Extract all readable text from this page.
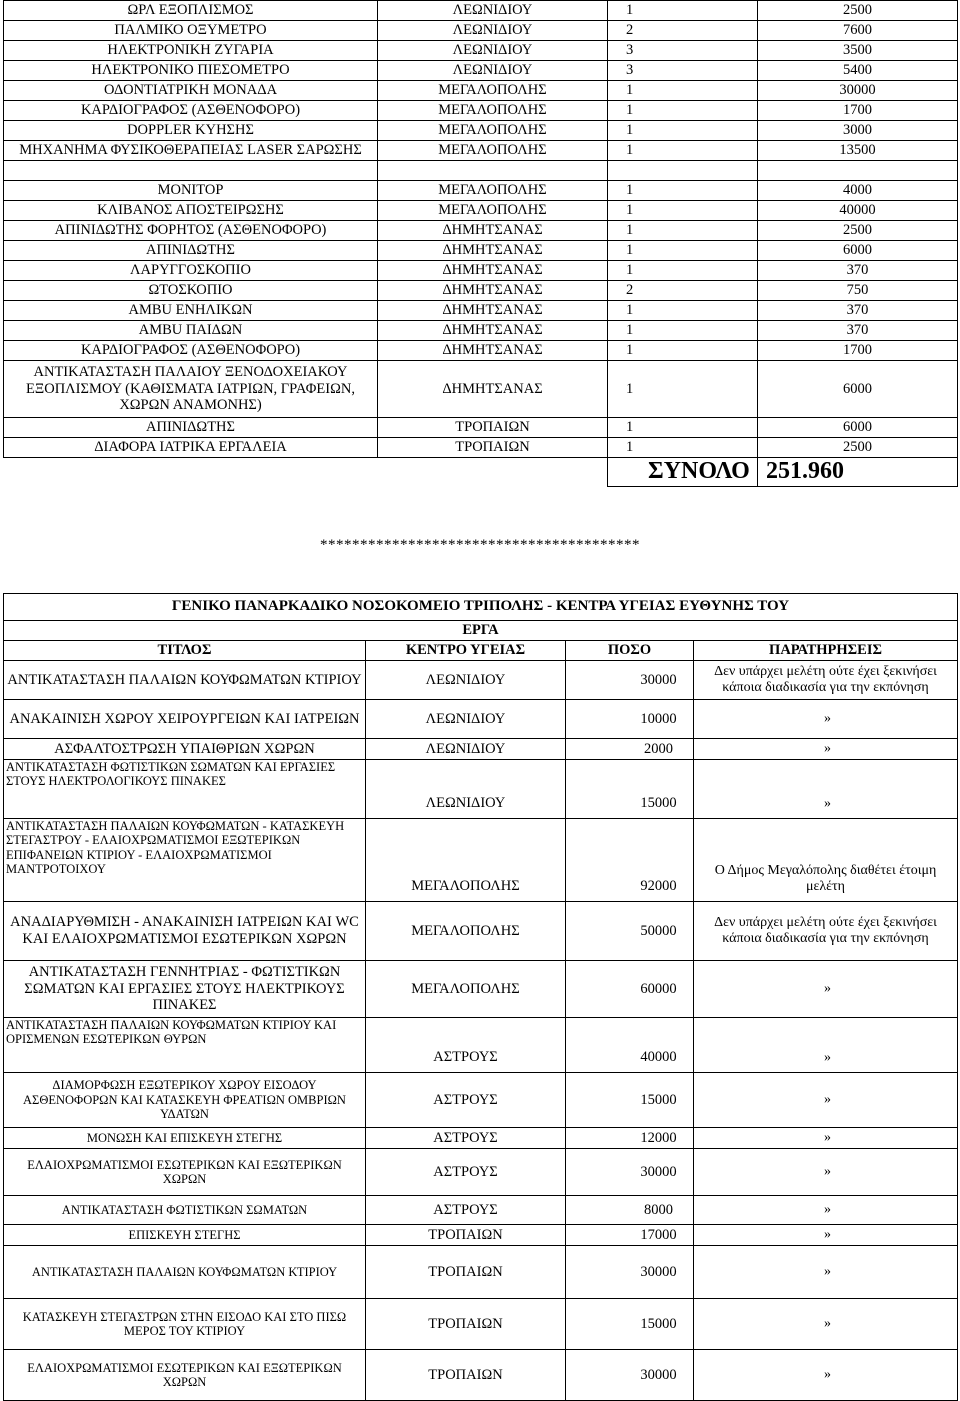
ΩΡΛ ΕΞΟΠΛΙΣΜΟΣ	ΛΕΩΝΙΔΙΟΥ	1	2500
ΠΑΛΜΙΚΟ ΟΞΥΜΕΤΡΟ	ΛΕΩΝΙΔΙΟΥ	2	7600
ΗΛΕΚΤΡΟΝΙΚΗ ΖΥΓΑΡΙΑ	ΛΕΩΝΙΔΙΟΥ	3	3500
ΗΛΕΚΤΡΟΝΙΚΟ ΠΙΕΣΟΜΕΤΡΟ	ΛΕΩΝΙΔΙΟΥ	3	5400
ΟΔΟΝΤΙΑΤΡΙΚΗ ΜΟΝΑΔΑ	ΜΕΓΑΛΟΠΟΛΗΣ	1	30000
ΚΑΡΔΙΟΓΡΑΦΟΣ (ΑΣΘΕΝΟΦΟΡΟ)	ΜΕΓΑΛΟΠΟΛΗΣ	1	1700
DOPPLER ΚΥΗΣΗΣ	ΜΕΓΑΛΟΠΟΛΗΣ	1	3000
ΜΗΧΑΝΗΜΑ ΦΥΣΙΚΟΘΕΡΑΠΕΙΑΣ LASER ΣΑΡΩΣΗΣ	ΜΕΓΑΛΟΠΟΛΗΣ	1	13500

ΜΟΝΙΤΟΡ	ΜΕΓΑΛΟΠΟΛΗΣ	1	4000
ΚΛΙΒΑΝΟΣ ΑΠΟΣΤΕΙΡΩΣΗΣ	ΜΕΓΑΛΟΠΟΛΗΣ	1	40000
ΑΠΙΝΙΔΩΤΗΣ ΦΟΡΗΤΟΣ (ΑΣΘΕΝΟΦΟΡΟ)	ΔΗΜΗΤΣΑΝΑΣ	1	2500
ΑΠΙΝΙΔΩΤΗΣ	ΔΗΜΗΤΣΑΝΑΣ	1	6000
ΛΑΡΥΓΓΟΣΚΟΠΙΟ	ΔΗΜΗΤΣΑΝΑΣ	1	370
ΩΤΟΣΚΟΠΙΟ	ΔΗΜΗΤΣΑΝΑΣ	2	750
AMBU ΕΝΗΛΙΚΩΝ	ΔΗΜΗΤΣΑΝΑΣ	1	370
AMBU ΠΑΙΔΩΝ	ΔΗΜΗΤΣΑΝΑΣ	1	370
ΚΑΡΔΙΟΓΡΑΦΟΣ (ΑΣΘΕΝΟΦΟΡΟ)	ΔΗΜΗΤΣΑΝΑΣ	1	1700
ΑΝΤΙΚΑΤΑΣΤΑΣΗ ΠΑΛΑΙΟΥ ΞΕΝΟΔΟΧΕΙΑΚΟΥ ΕΞΟΠΛΙΣΜΟΥ (ΚΑΘΙΣΜΑΤΑ ΙΑΤΡΙΩΝ, ΓΡΑΦΕΙΩΝ, ΧΩΡΩΝ ΑΝΑΜΟΝΗΣ)	ΔΗΜΗΤΣΑΝΑΣ	1	6000
ΑΠΙΝΙΔΩΤΗΣ	ΤΡΟΠΑΙΩΝ	1	6000
ΔΙΑΦΟΡΑ ΙΑΤΡΙΚΑ ΕΡΓΑΛΕΙΑ	ΤΡΟΠΑΙΩΝ	1	2500
		ΣΥΝΟΛΟ	251.960
****************************************
ΓΕΝΙΚΟ ΠΑΝΑΡΚΑΔΙΚΟ ΝΟΣΟΚΟΜΕΙΟ ΤΡΙΠΟΛΗΣ - ΚΕΝΤΡΑ ΥΓΕΙΑΣ ΕΥΘΥΝΗΣ ΤΟΥ			
ΕΡΓΑ			
ΤΙΤΛΟΣ	ΚΕΝΤΡΟ ΥΓΕΙΑΣ	ΠΟΣΟ	ΠΑΡΑΤΗΡΗΣΕΙΣ
ΑΝΤΙΚΑΤΑΣΤΑΣΗ ΠΑΛΑΙΩΝ ΚΟΥΦΩΜΑΤΩΝ ΚΤΙΡΙΟΥ	ΛΕΩΝΙΔΙΟΥ	30000	Δεν υπάρχει μελέτη ούτε έχει ξεκινήσει κάποια διαδικασία για την εκπόνηση
ΑΝΑΚΑΙΝΙΣΗ ΧΩΡΟΥ ΧΕΙΡΟΥΡΓΕΙΩΝ ΚΑΙ ΙΑΤΡΕΙΩΝ	ΛΕΩΝΙΔΙΟΥ	10000	»
ΑΣΦΑΛΤΟΣΤΡΩΣΗ ΥΠΑΙΘΡΙΩΝ ΧΩΡΩΝ	ΛΕΩΝΙΔΙΟΥ	2000	»
ΑΝΤΙΚΑΤΑΣΤΑΣΗ ΦΩΤΙΣΤΙΚΩΝ ΣΩΜΑΤΩΝ ΚΑΙ ΕΡΓΑΣΙΕΣ ΣΤΟΥΣ ΗΛΕΚΤΡΟΛΟΓΙΚΟΥΣ ΠΙΝΑΚΕΣ	ΛΕΩΝΙΔΙΟΥ	15000	»
ΑΝΤΙΚΑΤΑΣΤΑΣΗ ΠΑΛΑΙΩΝ ΚΟΥΦΩΜΑΤΩΝ - ΚΑΤΑΣΚΕΥΗ ΣΤΕΓΑΣΤΡΟΥ - ΕΛΑΙΟΧΡΩΜΑΤΙΣΜΟΙ ΕΞΩΤΕΡΙΚΩΝ ΕΠΙΦΑΝΕΙΩΝ ΚΤΙΡΙΟΥ - ΕΛΑΙΟΧΡΩΜΑΤΙΣΜΟΙ ΜΑΝΤΡΟΤΟΙΧΟΥ	ΜΕΓΑΛΟΠΟΛΗΣ	92000	Ο Δήμος Μεγαλόπολης διαθέτει έτοιμη μελέτη
ΑΝΑΔΙΑΡΥΘΜΙΣΗ - ΑΝΑΚΑΙΝΙΣΗ ΙΑΤΡΕΙΩΝ ΚΑΙ WC ΚΑΙ ΕΛΑΙΟΧΡΩΜΑΤΙΣΜΟΙ ΕΣΩΤΕΡΙΚΩΝ ΧΩΡΩΝ	ΜΕΓΑΛΟΠΟΛΗΣ	50000	Δεν υπάρχει μελέτη ούτε έχει ξεκινήσει κάποια διαδικασία για την εκπόνηση
ΑΝΤΙΚΑΤΑΣΤΑΣΗ ΓΕΝΝΗΤΡΙΑΣ - ΦΩΤΙΣΤΙΚΩΝ ΣΩΜΑΤΩΝ ΚΑΙ ΕΡΓΑΣΙΕΣ ΣΤΟΥΣ ΗΛΕΚΤΡΙΚΟΥΣ ΠΙΝΑΚΕΣ	ΜΕΓΑΛΟΠΟΛΗΣ	60000	»
ΑΝΤΙΚΑΤΑΣΤΑΣΗ ΠΑΛΑΙΩΝ ΚΟΥΦΩΜΑΤΩΝ ΚΤΙΡΙΟΥ ΚΑΙ ΟΡΙΣΜΕΝΩΝ ΕΣΩΤΕΡΙΚΩΝ ΘΥΡΩΝ	ΑΣΤΡΟΥΣ	40000	»
ΔΙΑΜΟΡΦΩΣΗ ΕΞΩΤΕΡΙΚΟΥ ΧΩΡΟΥ ΕΙΣΟΔΟΥ ΑΣΘΕΝΟΦΟΡΩΝ ΚΑΙ ΚΑΤΑΣΚΕΥΗ ΦΡΕΑΤΙΩΝ ΟΜΒΡΙΩΝ ΥΔΑΤΩΝ	ΑΣΤΡΟΥΣ	15000	»
ΜΟΝΩΣΗ ΚΑΙ ΕΠΙΣΚΕΥΗ ΣΤΕΓΗΣ	ΑΣΤΡΟΥΣ	12000	»
ΕΛΑΙΟΧΡΩΜΑΤΙΣΜΟΙ ΕΣΩΤΕΡΙΚΩΝ ΚΑΙ ΕΞΩΤΕΡΙΚΩΝ ΧΩΡΩΝ	ΑΣΤΡΟΥΣ	30000	»
ΑΝΤΙΚΑΤΑΣΤΑΣΗ ΦΩΤΙΣΤΙΚΩΝ ΣΩΜΑΤΩΝ	ΑΣΤΡΟΥΣ	8000	»
ΕΠΙΣΚΕΥΗ ΣΤΕΓΗΣ	ΤΡΟΠΑΙΩΝ	17000	»
ΑΝΤΙΚΑΤΑΣΤΑΣΗ ΠΑΛΑΙΩΝ ΚΟΥΦΩΜΑΤΩΝ ΚΤΙΡΙΟΥ	ΤΡΟΠΑΙΩΝ	30000	»
ΚΑΤΑΣΚΕΥΗ ΣΤΕΓΑΣΤΡΩΝ ΣΤΗΝ ΕΙΣΟΔΟ ΚΑΙ ΣΤΟ ΠΙΣΩ ΜΕΡΟΣ ΤΟΥ ΚΤΙΡΙΟΥ	ΤΡΟΠΑΙΩΝ	15000	»
ΕΛΑΙΟΧΡΩΜΑΤΙΣΜΟΙ ΕΣΩΤΕΡΙΚΩΝ ΚΑΙ ΕΞΩΤΕΡΙΚΩΝ ΧΩΡΩΝ	ΤΡΟΠΑΙΩΝ	30000	»
